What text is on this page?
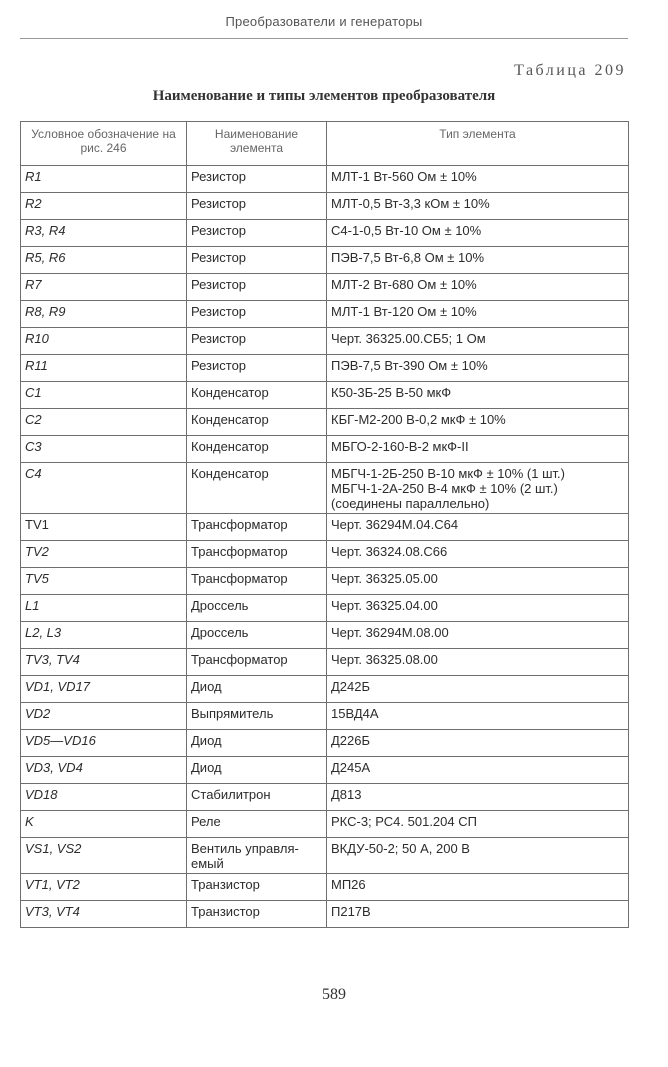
Преобразователи и генераторы
Таблица 209
Наименование и типы элементов преобразователя
Условное обозначение на рис. 246	Наименование элемента	Тип элемента
R1	Резистор	МЛТ-1 Вт-560 Ом ± 10%
R2	Резистор	МЛТ-0,5 Вт-3,3 кОм ± 10%
R3, R4	Резистор	С4-1-0,5 Вт-10 Ом ± 10%
R5, R6	Резистор	ПЭВ-7,5 Вт-6,8 Ом ± 10%
R7	Резистор	МЛТ-2 Вт-680 Ом ± 10%
R8, R9	Резистор	МЛТ-1 Вт-120 Ом ± 10%
R10	Резистор	Черт. 36325.00.СБ5; 1 Ом
R11	Резистор	ПЭВ-7,5 Вт-390 Ом ± 10%
C1	Конденсатор	К50-3Б-25 В-50 мкФ
C2	Конденсатор	КБГ-М2-200 В-0,2 мкФ ± 10%
C3	Конденсатор	МБГО-2-160-В-2 мкФ-II
C4	Конденсатор	МБГЧ-1-2Б-250 В-10 мкФ ± 10% (1 шт.)
МБГЧ-1-2А-250 В-4 мкФ ± 10% (2 шт.)
(соединены параллельно)
TV1	Трансформатор	Черт. 36294М.04.С64
TV2	Трансформатор	Черт. 36324.08.С66
TV5	Трансформатор	Черт. 36325.05.00
L1	Дроссель	Черт. 36325.04.00
L2, L3	Дроссель	Черт. 36294М.08.00
TV3, TV4	Трансформатор	Черт. 36325.08.00
VD1, VD17	Диод	Д242Б
VD2	Выпрямитель	15ВД4А
VD5—VD16	Диод	Д226Б
VD3, VD4	Диод	Д245А
VD18	Стабилитрон	Д813
K	Реле	РКС-3; РС4. 501.204 СП
VS1, VS2	Вентиль управля-
емый	ВКДУ-50-2; 50 А, 200 В
VT1, VT2	Транзистор	МП26
VT3, VT4	Транзистор	П217В
589
